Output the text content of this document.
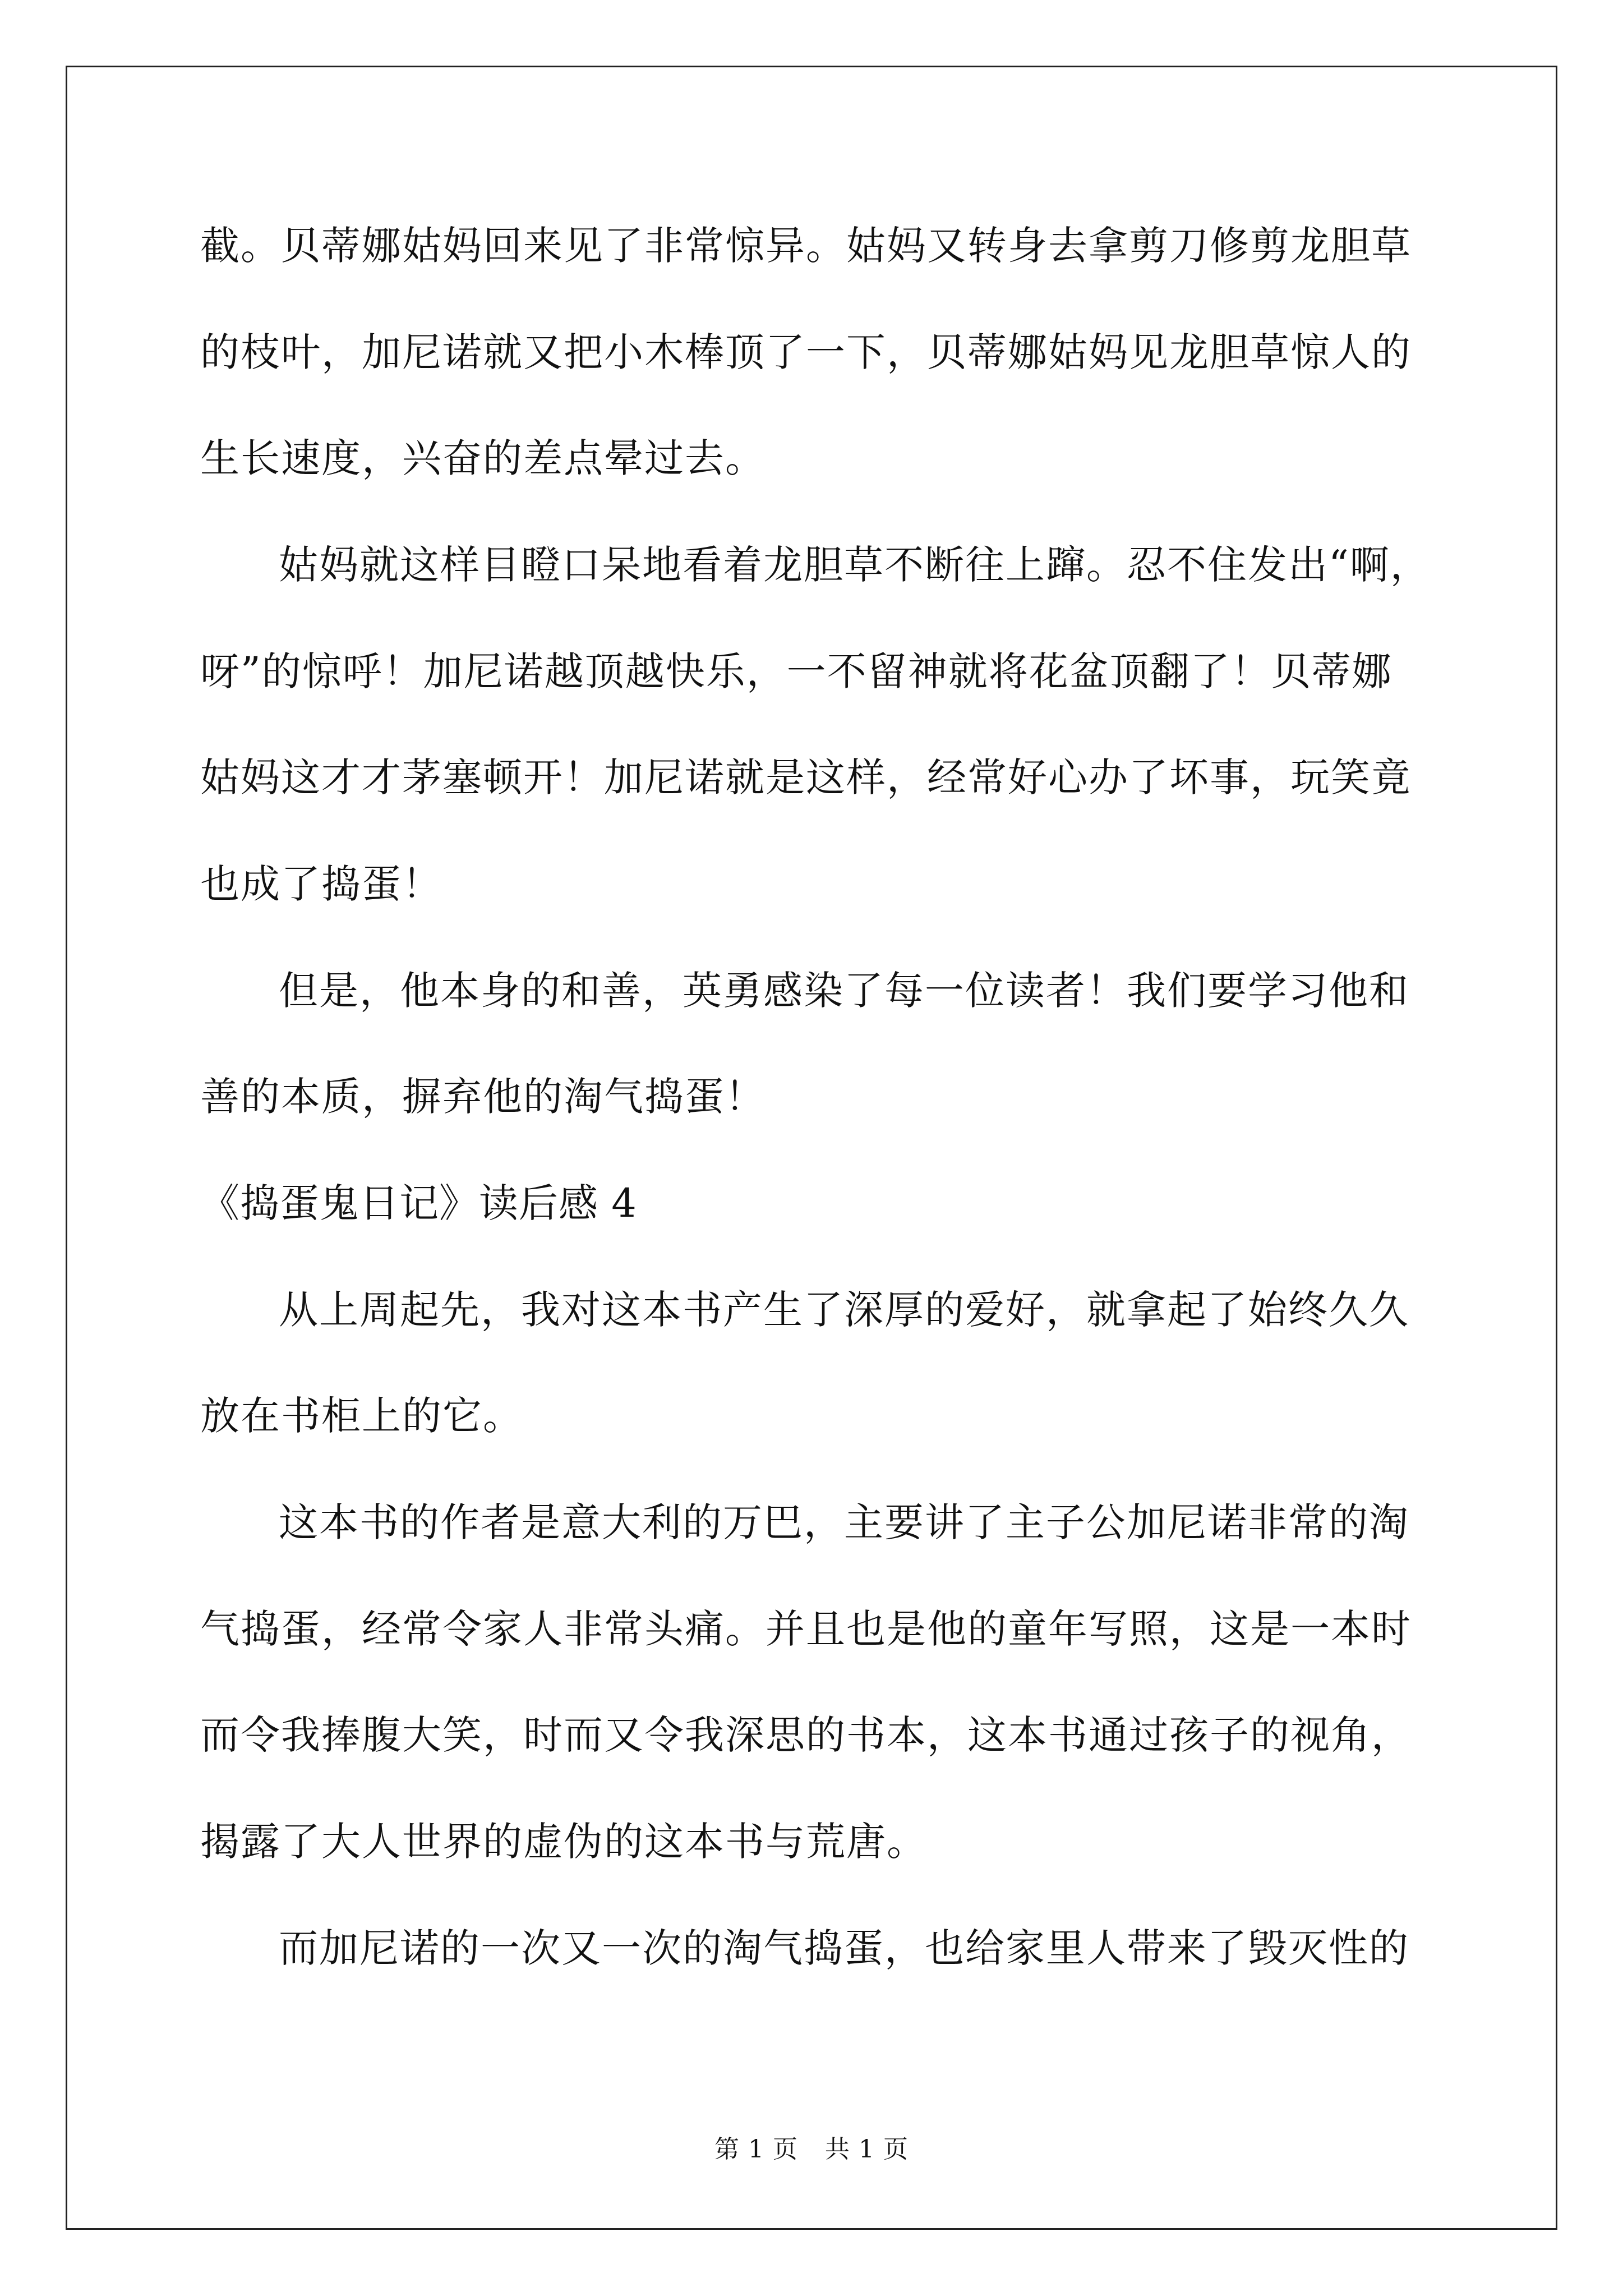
截。贝蒂娜姑妈回来见了非常惊异。姑妈又转身去拿剪刀修剪龙胆草
的枝叶，加尼诺就又把小木棒顶了一下，贝蒂娜姑妈见龙胆草惊人的
生长速度，兴奋的差点晕过去。
姑妈就这样目瞪口呆地看着龙胆草不断往上蹿。忍不住发出“啊，
呀”的惊呼！加尼诺越顶越快乐，一不留神就将花盆顶翻了！贝蒂娜
姑妈这才才茅塞顿开！加尼诺就是这样，经常好心办了坏事，玩笑竟
也成了捣蛋！
但是，他本身的和善，英勇感染了每一位读者！我们要学习他和
善的本质，摒弃他的淘气捣蛋！
《捣蛋鬼日记》读后感 4
从上周起先，我对这本书产生了深厚的爱好，就拿起了始终久久
放在书柜上的它。
这本书的作者是意大利的万巴，主要讲了主子公加尼诺非常的淘
气捣蛋，经常令家人非常头痛。并且也是他的童年写照，这是一本时
而令我捧腹大笑，时而又令我深思的书本，这本书通过孩子的视角，
揭露了大人世界的虚伪的这本书与荒唐。
而加尼诺的一次又一次的淘气捣蛋，也给家里人带来了毁灭性的
第 1 页 共 1 页
